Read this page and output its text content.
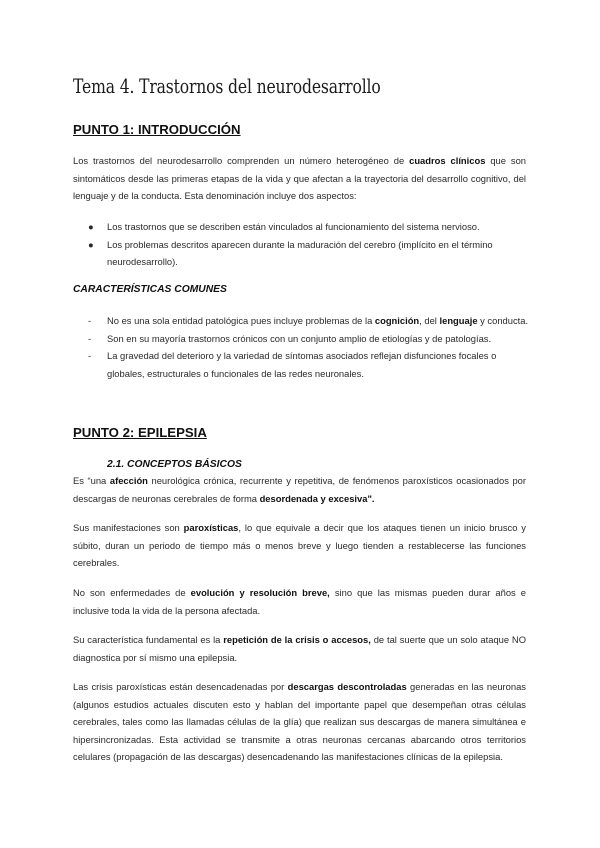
Tema 4. Trastornos del neurodesarrollo
PUNTO 1: INTRODUCCIÓN
Los trastornos del neurodesarrollo comprenden un número heterogéneo de cuadros clínicos que son sintomáticos desde las primeras etapas de la vida y que afectan a la trayectoria del desarrollo cognitivo, del lenguaje y de la conducta. Esta denominación incluye dos aspectos:
● Los trastornos que se describen están vinculados al funcionamiento del sistema nervioso.
● Los problemas descritos aparecen durante la maduración del cerebro (implícito en el término neurodesarrollo).
CARACTERÍSTICAS COMUNES
- No es una sola entidad patológica pues incluye problemas de la cognición, del lenguaje y conducta.
- Son en su mayoría trastornos crónicos con un conjunto amplio de etiologías y de patologías.
- La gravedad del deterioro y la variedad de síntomas asociados reflejan disfunciones focales o globales, estructurales o funcionales de las redes neuronales.
PUNTO 2: EPILEPSIA
2.1. CONCEPTOS BÁSICOS
Es “una afección neurológica crónica, recurrente y repetitiva, de fenómenos paroxísticos ocasionados por descargas de neuronas cerebrales de forma desordenada y excesiva".
Sus manifestaciones son paroxísticas, lo que equivale a decir que los ataques tienen un inicio brusco y súbito, duran un periodo de tiempo más o menos breve y luego tienden a restablecerse las funciones cerebrales.
No son enfermedades de evolución y resolución breve, sino que las mismas pueden durar años e inclusive toda la vida de la persona afectada.
Su característica fundamental es la repetición de la crisis o accesos, de tal suerte que un solo ataque NO diagnostica por sí mismo una epilepsia.
Las crisis paroxísticas están desencadenadas por descargas descontroladas generadas en las neuronas (algunos estudios actuales discuten esto y hablan del importante papel que desempeñan otras células cerebrales, tales como las llamadas células de la glía) que realizan sus descargas de manera simultánea e hipersincronizadas. Esta actividad se transmite a otras neuronas cercanas abarcando otros territorios celulares (propagación de las descargas) desencadenando las manifestaciones clínicas de la epilepsia.
